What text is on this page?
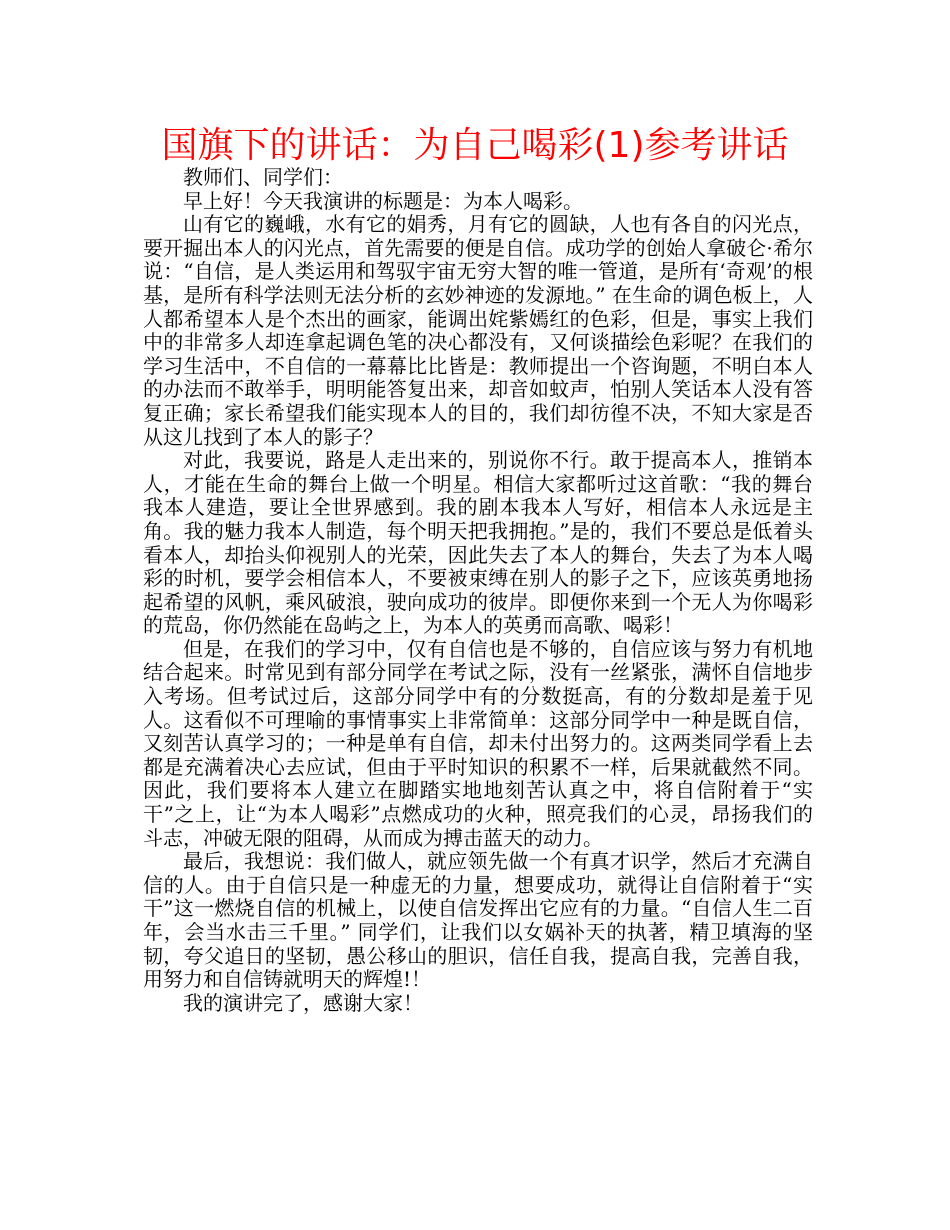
国旗下的讲话：为自己喝彩(1)参考讲话

教师们、同学们：

早上好！今天我演讲的标题是：为本人喝彩。

山有它的巍峨，水有它的娟秀，月有它的圆缺，人也有各自的闪光点，要开掘出本人的闪光点，首先需要的便是自信。成功学的创始人拿破仑·希尔说：“自信，是人类运用和驾驭宇宙无穷大智的唯一管道，是所有‘奇观’的根基，是所有科学法则无法分析的玄妙神迹的发源地。” 在生命的调色板上，人人都希望本人是个杰出的画家，能调出姹紫嫣红的色彩，但是，事实上我们中的非常多人却连拿起调色笔的决心都没有，又何谈描绘色彩呢？在我们的学习生活中，不自信的一幕幕比比皆是：教师提出一个咨询题，不明白本人的办法而不敢举手，明明能答复出来，却音如蚊声，怕别人笑话本人没有答复正确；家长希望我们能实现本人的目的，我们却彷徨不决，不知大家是否从这儿找到了本人的影子？

对此，我要说，路是人走出来的，别说你不行。敢于提高本人，推销本人，才能在生命的舞台上做一个明星。相信大家都听过这首歌：“我的舞台我本人建造，要让全世界感到。我的剧本我本人写好，相信本人永远是主角。我的魅力我本人制造，每个明天把我拥抱。”是的，我们不要总是低着头看本人，却抬头仰视别人的光荣，因此失去了本人的舞台，失去了为本人喝彩的时机，要学会相信本人，不要被束缚在别人的影子之下，应该英勇地扬起希望的风帆，乘风破浪，驶向成功的彼岸。即便你来到一个无人为你喝彩的荒岛，你仍然能在岛屿之上，为本人的英勇而高歌、喝彩！

但是，在我们的学习中，仅有自信也是不够的，自信应该与努力有机地结合起来。时常见到有部分同学在考试之际，没有一丝紧张，满怀自信地步入考场。但考试过后，这部分同学中有的分数挺高，有的分数却是羞于见人。这看似不可理喻的事情事实上非常简单：这部分同学中一种是既自信，又刻苦认真学习的；一种是单有自信，却未付出努力的。这两类同学看上去都是充满着决心去应试，但由于平时知识的积累不一样，后果就截然不同。因此，我们要将本人建立在脚踏实地地刻苦认真之中，将自信附着于“实干”之上，让“为本人喝彩”点燃成功的火种，照亮我们的心灵，昂扬我们的斗志，冲破无限的阻碍，从而成为搏击蓝天的动力。

最后，我想说：我们做人，就应领先做一个有真才识学，然后才充满自信的人。由于自信只是一种虚无的力量，想要成功，就得让自信附着于“实干”这一燃烧自信的机械上，以使自信发挥出它应有的力量。“自信人生二百年，会当水击三千里。” 同学们，让我们以女娲补天的执著，精卫填海的坚韧，夸父追日的坚韧，愚公移山的胆识，信任自我，提高自我，完善自我，用努力和自信铸就明天的辉煌!！

我的演讲完了，感谢大家！
